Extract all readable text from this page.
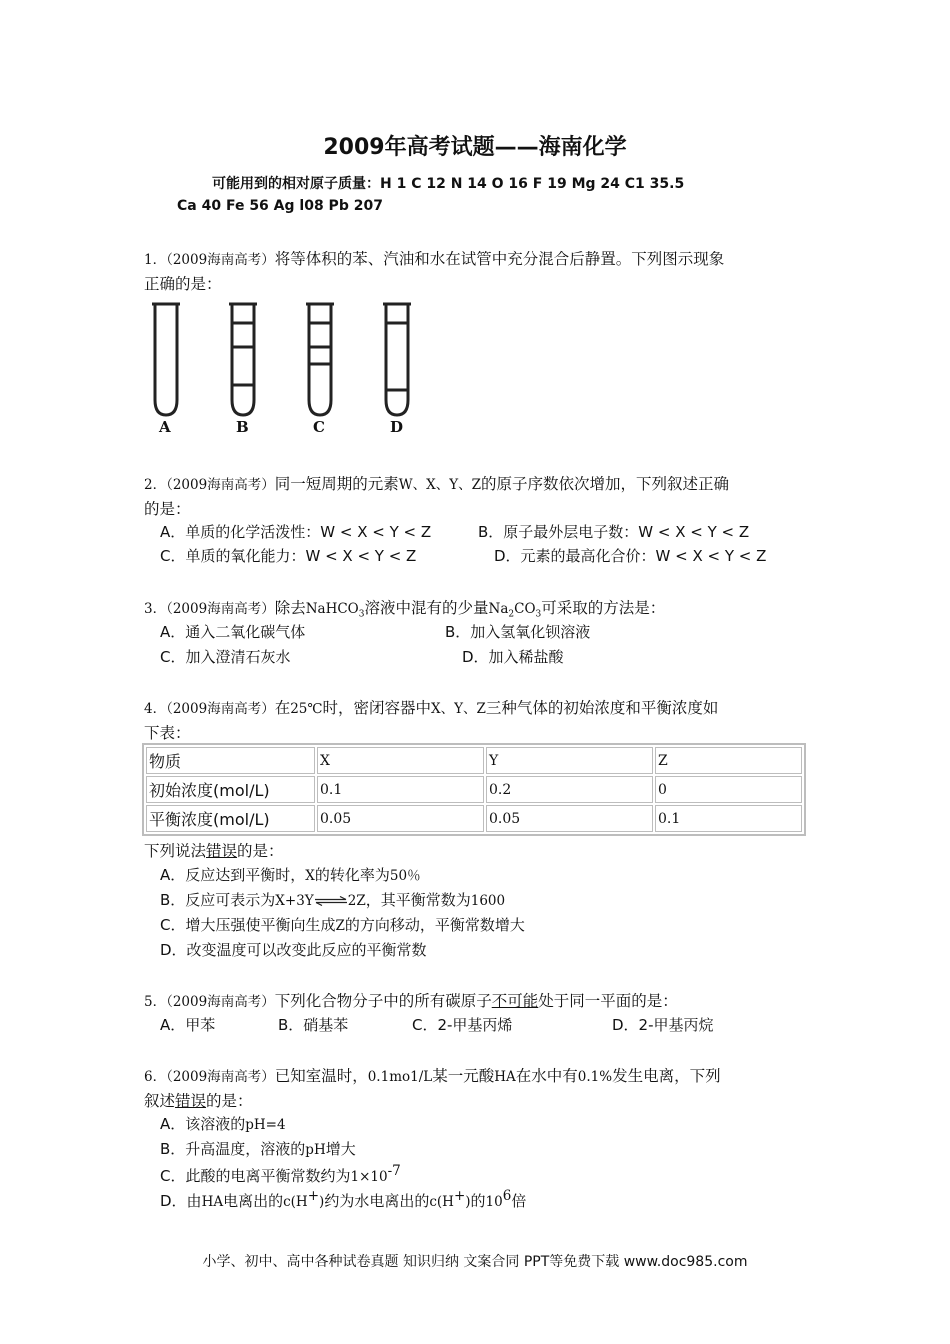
2009年高考试题——海南化学
可能用到的相对原子质量：H 1 C 12 N 14 O 16 F 19 Mg 24 C1 35.5
Ca 40 Fe 56 Ag l08 Pb 207
1．（2009海南高考）将等体积的苯、汽油和水在试管中充分混合后静置。下列图示现象
正确的是：
A	B	C	D
2．（2009海南高考）同一短周期的元素W、X、Y、Z的原子序数依次增加，下列叙述正确
的是：
A．单质的化学活泼性：W < X < Y < Z	B．原子最外层电子数：W < X < Y < Z
C．单质的氧化能力：W < X < Y < Z	D．元素的最高化合价：W < X < Y < Z
3．（2009海南高考）除去NaHCO$_3$溶液中混有的少量$Na_2CO_3$可采取的方法是：
A．通入二氧化碳气体	B．加入氢氧化钡溶液
C．加入澄清石灰水	D．加入稀盐酸
4．（2009海南高考）在25℃时，密闭容器中X、Y、Z三种气体的初始浓度和平衡浓度如
下表：
物质	X	Y	Z
初始浓度(mol/L)	0.1	0.2	0
平衡浓度(mol/L)	0.05	0.05	0.1
下列说法错误的是：
A．反应达到平衡时，X的转化率为50％
B．反应可表示为X+3Y⇌2Z，其平衡常数为1600
C．增大压强使平衡向生成Z的方向移动，平衡常数增大
D．改变温度可以改变此反应的平衡常数
5．（2009海南高考）下列化合物分子中的所有碳原子不可能处于同一平面的是：
A．甲苯	B．硝基苯	C．2-甲基丙烯	D．2-甲基丙烷
6．（2009海南高考）已知室温时，0.1mo1/L某一元酸HA在水中有0.1%发生电离，下列
叙述错误的是：
A．该溶液的pH=4
B．升高温度，溶液的pH增大
C．此酸的电离平衡常数约为$1\times 10^{-7}$
D．由HA电离出的c(H+)约为水电离出的c(H+)的$10^6$倍
小学、初中、高中各种试卷真题 知识归纳 文案合同 PPT等免费下载 www.doc985.com
